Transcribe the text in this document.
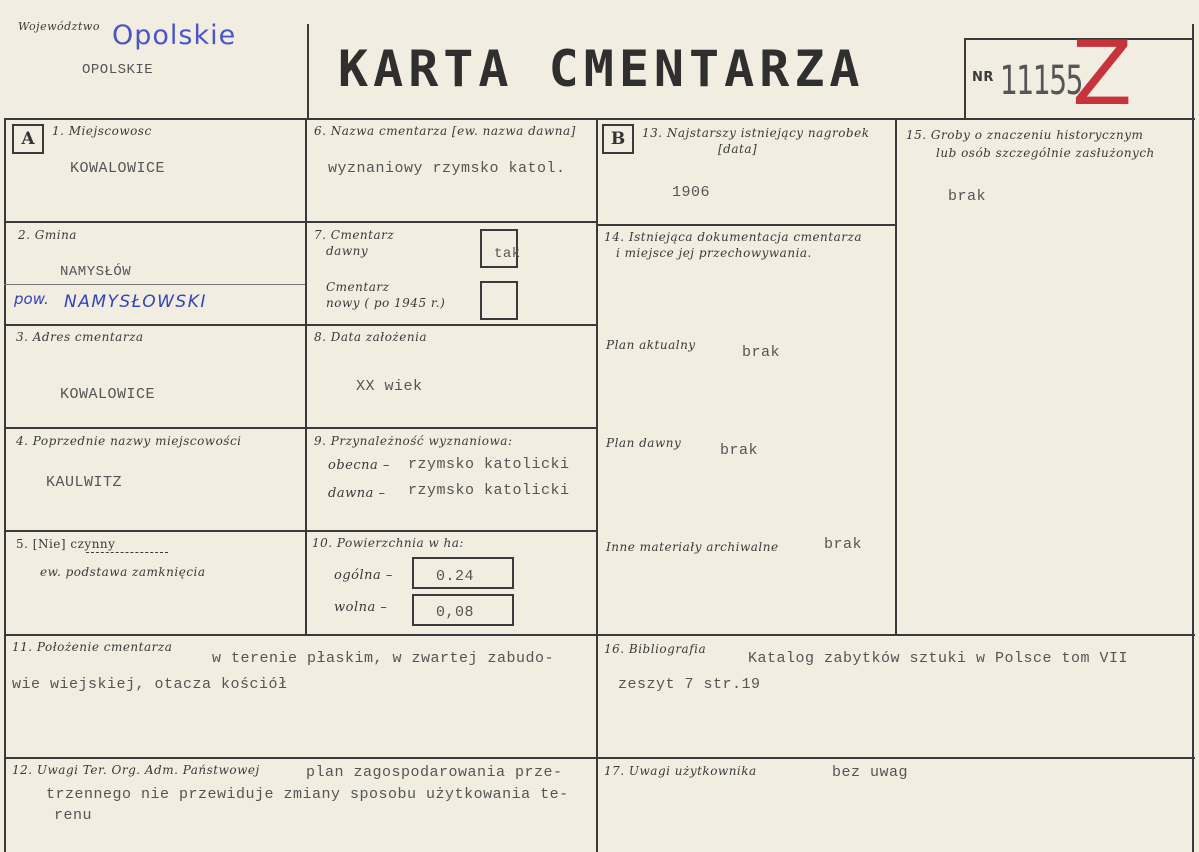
Województwo Opolskie
OPOLSKIE	KARTA CMENTARZA	NR 11155
Z
A	1. Miejscowosc
KOWALOWICE
2. Gmina
NAMYSŁÓW
pow. NAMYSŁOWSKI
3. Adres cmentarza
KOWALOWICE
4. Poprzednie nazwy miejscowości
KAULWITZ
5. [Nie] czynny
ew. podstawa zamknięcia
6. Nazwa cmentarza [ew. nazwa dawna]
wyznaniowy rzymsko katol.
7. Cmentarz
dawny	tak
Cmentarz
nowy ( po 1945 r.)
8. Data założenia
XX wiek
9. Przynależność wyznaniowa:
obecna – rzymsko katolicki
dawna – rzymsko katolicki
10. Powierzchnia w ha:
ogólna –	0.24
wolna –	0,08
B	13. Najstarszy istniejący nagrobek
[data]
1906
14. Istniejąca dokumentacja cmentarza
i miejsce jej przechowywania.
Plan aktualny	brak
Plan dawny	brak
Inne materiały archiwalne	brak
15. Groby o znaczeniu historycznym
lub osób szczególnie zasłużonych
brak
11. Położenie cmentarza
w terenie płaskim, w zwartej zabudo-
wie wiejskiej, otacza kościół
12. Uwagi Ter. Org. Adm. Państwowej	plan zagospodarowania prze-
trzennego nie przewiduje zmiany sposobu użytkowania te-
renu
16. Bibliografia
Katalog zabytków sztuki w Polsce tom VII
zeszyt 7 str.19
17. Uwagi użytkownika	bez uwag
